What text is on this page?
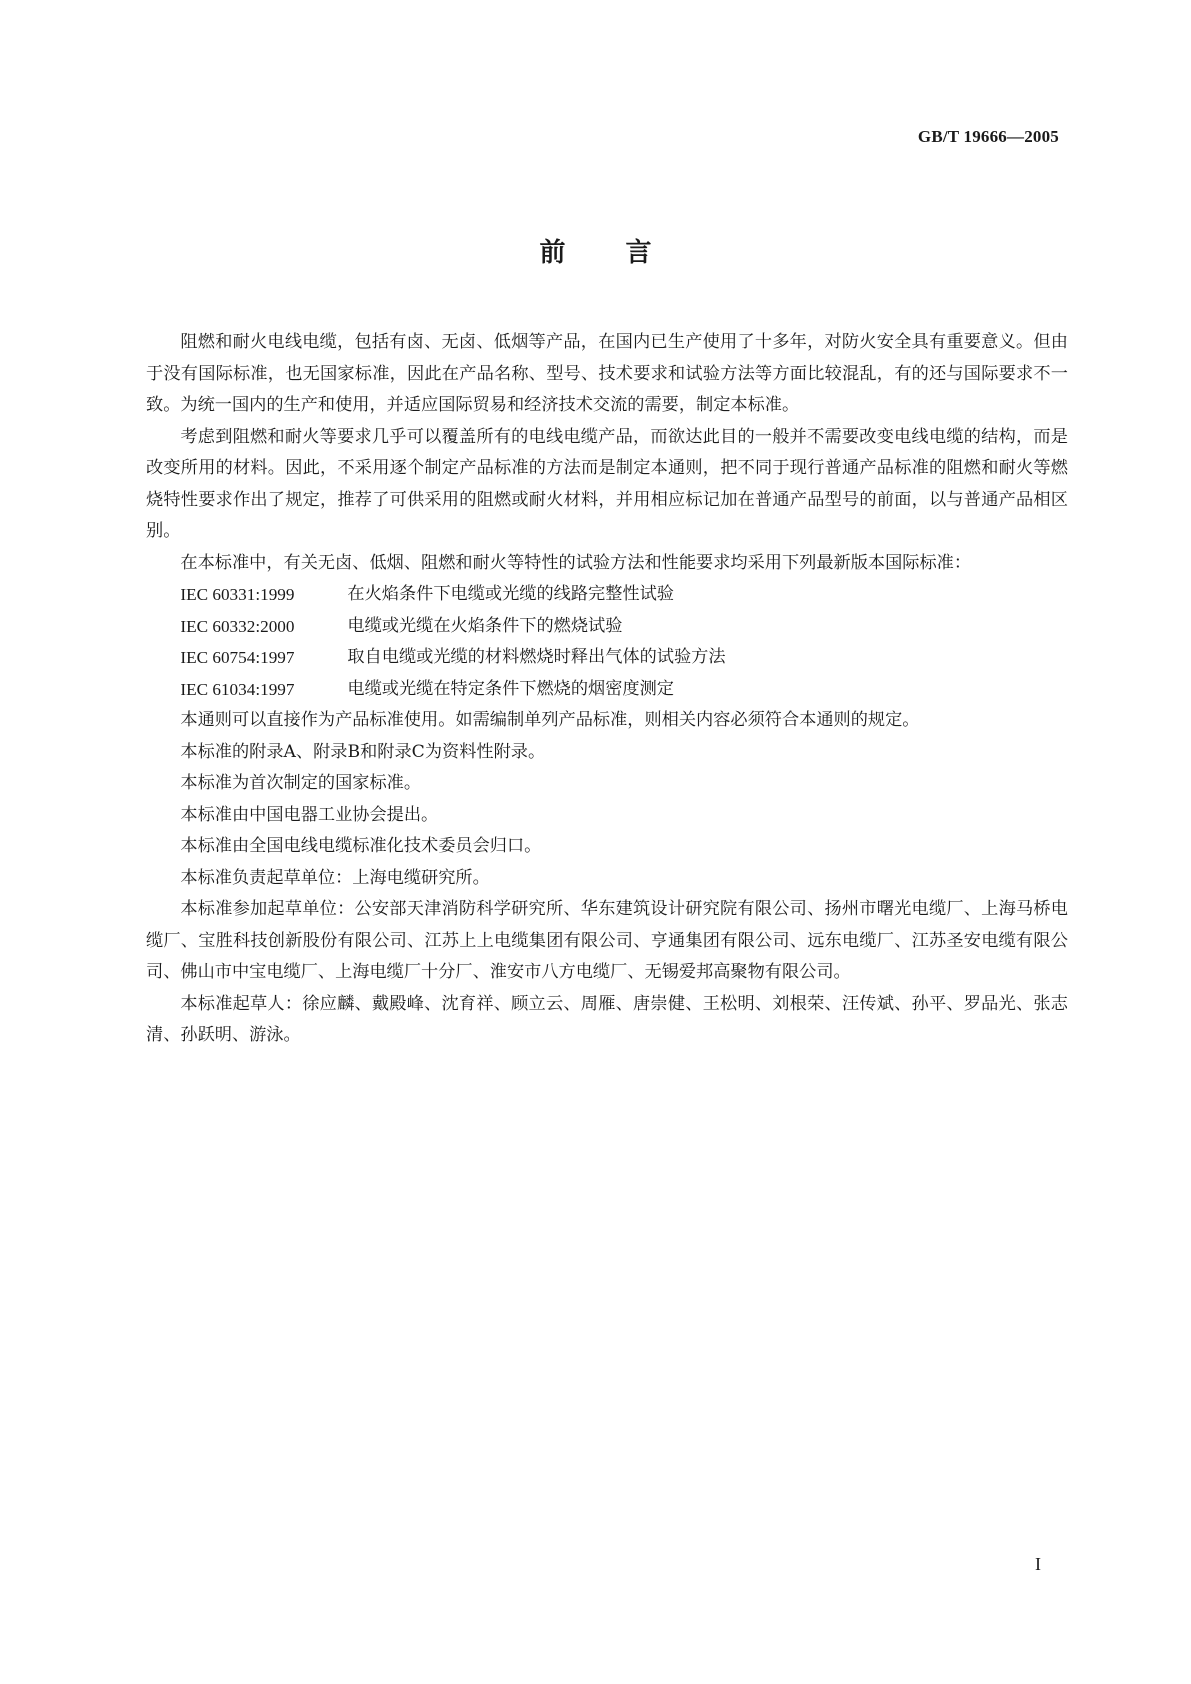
GB/T 19666—2005
前 言

阻燃和耐火电线电缆，包括有卤、无卤、低烟等产品，在国内已生产使用了十多年，对防火安全具有重要意义。但由于没有国际标准，也无国家标准，因此在产品名称、型号、技术要求和试验方法等方面比较混乱，有的还与国际要求不一致。为统一国内的生产和使用，并适应国际贸易和经济技术交流的需要，制定本标准。

考虑到阻燃和耐火等要求几乎可以覆盖所有的电线电缆产品，而欲达此目的一般并不需要改变电线电缆的结构，而是改变所用的材料。因此，不采用逐个制定产品标准的方法而是制定本通则，把不同于现行普通产品标准的阻燃和耐火等燃烧特性要求作出了规定，推荐了可供采用的阻燃或耐火材料，并用相应标记加在普通产品型号的前面，以与普通产品相区别。

在本标准中，有关无卤、低烟、阻燃和耐火等特性的试验方法和性能要求均采用下列最新版本国际标准：

IEC 60331:1999	在火焰条件下电缆或光缆的线路完整性试验
IEC 60332:2000	电缆或光缆在火焰条件下的燃烧试验
IEC 60754:1997	取自电缆或光缆的材料燃烧时释出气体的试验方法
IEC 61034:1997	电缆或光缆在特定条件下燃烧的烟密度测定

本通则可以直接作为产品标准使用。如需编制单列产品标准，则相关内容必须符合本通则的规定。

本标准的附录A、附录B和附录C为资料性附录。

本标准为首次制定的国家标准。

本标准由中国电器工业协会提出。

本标准由全国电线电缆标准化技术委员会归口。

本标准负责起草单位：上海电缆研究所。

本标准参加起草单位：公安部天津消防科学研究所、华东建筑设计研究院有限公司、扬州市曙光电缆厂、上海马桥电缆厂、宝胜科技创新股份有限公司、江苏上上电缆集团有限公司、亨通集团有限公司、远东电缆厂、江苏圣安电缆有限公司、佛山市中宝电缆厂、上海电缆厂十分厂、淮安市八方电缆厂、无锡爱邦高聚物有限公司。

本标准起草人：徐应麟、戴殿峰、沈育祥、顾立云、周雁、唐崇健、王松明、刘根荣、汪传斌、孙平、罗品光、张志清、孙跃明、游泳。

I
